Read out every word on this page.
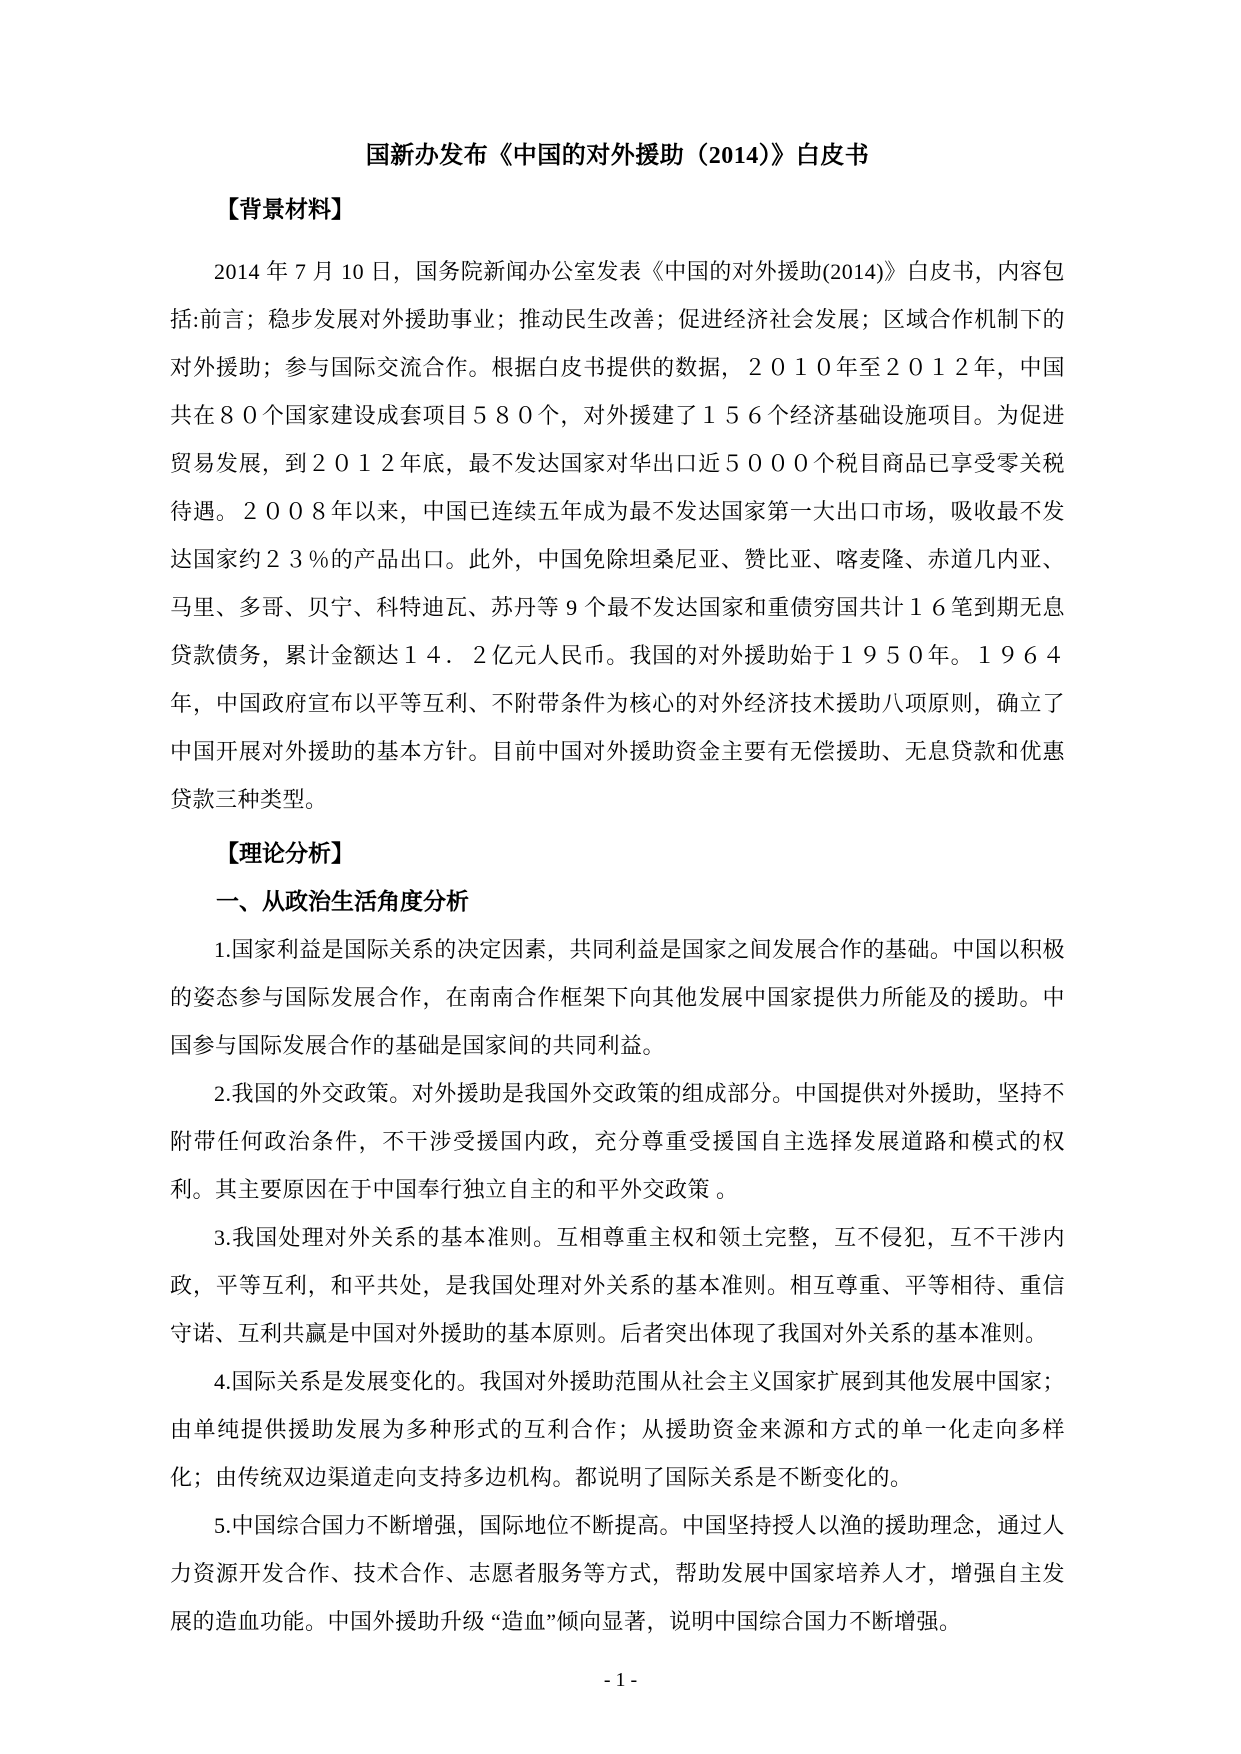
国新办发布《中国的对外援助（2014）》白皮书
【背景材料】

2014 年 7 月 10 日，国务院新闻办公室发表《中国的对外援助(2014)》白皮书，内容包括:前言；稳步发展对外援助事业；推动民生改善；促进经济社会发展；区域合作机制下的对外援助；参与国际交流合作。根据白皮书提供的数据，２０１０年至２０１２年，中国共在８０个国家建设成套项目５８０个，对外援建了１５６个经济基础设施项目。为促进贸易发展，到２０１２年底，最不发达国家对华出口近５０００个税目商品已享受零关税待遇。２００８年以来，中国已连续五年成为最不发达国家第一大出口市场，吸收最不发达国家约２３％的产品出口。此外，中国免除坦桑尼亚、赞比亚、喀麦隆、赤道几内亚、马里、多哥、贝宁、科特迪瓦、苏丹等 9 个最不发达国家和重债穷国共计１６笔到期无息贷款债务，累计金额达１４．２亿元人民币。我国的对外援助始于１９５０年。１９６４年，中国政府宣布以平等互利、不附带条件为核心的对外经济技术援助八项原则，确立了中国开展对外援助的基本方针。目前中国对外援助资金主要有无偿援助、无息贷款和优惠贷款三种类型。

【理论分析】
一、从政治生活角度分析

1.国家利益是国际关系的决定因素，共同利益是国家之间发展合作的基础。中国以积极的姿态参与国际发展合作，在南南合作框架下向其他发展中国家提供力所能及的援助。中国参与国际发展合作的基础是国家间的共同利益。

2.我国的外交政策。对外援助是我国外交政策的组成部分。中国提供对外援助，坚持不附带任何政治条件，不干涉受援国内政，充分尊重受援国自主选择发展道路和模式的权利。其主要原因在于中国奉行独立自主的和平外交政策 。

3.我国处理对外关系的基本准则。互相尊重主权和领土完整，互不侵犯，互不干涉内政，平等互利，和平共处，是我国处理对外关系的基本准则。相互尊重、平等相待、重信守诺、互利共赢是中国对外援助的基本原则。后者突出体现了我国对外关系的基本准则。

4.国际关系是发展变化的。我国对外援助范围从社会主义国家扩展到其他发展中国家；由单纯提供援助发展为多种形式的互利合作；从援助资金来源和方式的单一化走向多样化；由传统双边渠道走向支持多边机构。都说明了国际关系是不断变化的。

5.中国综合国力不断增强，国际地位不断提高。中国坚持授人以渔的援助理念，通过人力资源开发合作、技术合作、志愿者服务等方式，帮助发展中国家培养人才，增强自主发展的造血功能。中国外援助升级 “造血”倾向显著，说明中国综合国力不断增强。

- 1 -
